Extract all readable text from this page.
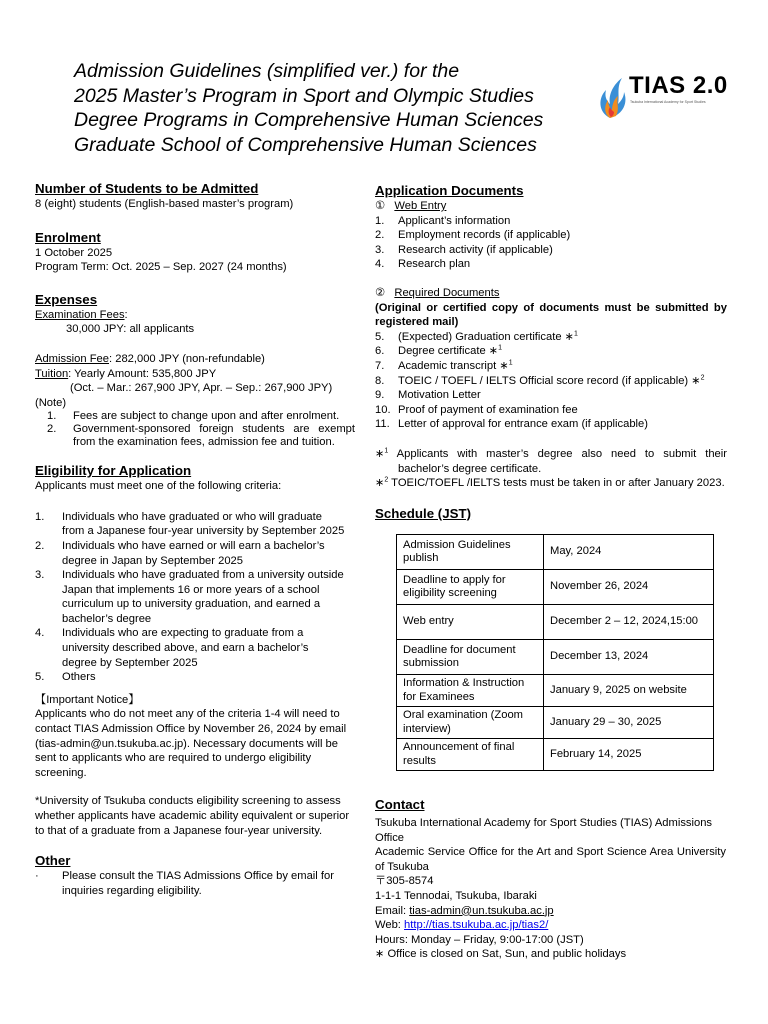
Admission Guidelines (simplified ver.) for the
2025 Master’s Program in Sport and Olympic Studies
Degree Programs in Comprehensive Human Sciences
Graduate School of Comprehensive Human Sciences
TIAS 2.0
Tsukuba International Academy for Sport Studies
Number of Students to be Admitted

8 (eight) students (English-based master’s program)

Enrolment

1 October 2025

Program Term: Oct. 2025 – Sep. 2027 (24 months)

Expenses

Examination Fees:

30,000 JPY: all applicants

Admission Fee: 282,000 JPY (non-refundable)

Tuition: Yearly Amount: 535,800 JPY

(Oct. – Mar.: 267,900 JPY, Apr. – Sep.: 267,900 JPY)

(Note)

1. Fees are subject to change upon and after enrolment.
2. Government-sponsored foreign students are exempt from the examination fees, admission fee and tuition.
Eligibility for Application

Applicants must meet one of the following criteria:

1. Individuals who have graduated or who will graduate from a Japanese four-year university by September 2025
2. Individuals who have earned or will earn a bachelor’s degree in Japan by September 2025
3. Individuals who have graduated from a university outside Japan that implements 16 or more years of a school curriculum up to university graduation, and earned a bachelor’s degree
4. Individuals who are expecting to graduate from a university described above, and earn a bachelor’s degree by September 2025
5. Others

【Important Notice】

Applicants who do not meet any of the criteria 1-4 will need to contact TIAS Admission Office by November 26, 2024 by email (tias-admin@un.tsukuba.ac.jp). Necessary documents will be sent to applicants who are required to undergo eligibility screening.

*University of Tsukuba conducts eligibility screening to assess whether applicants have academic ability equivalent or superior to that of a graduate from a Japanese four-year university.

Other
· Please consult the TIAS Admissions Office by email for inquiries regarding eligibility.
Application Documents

① Web Entry

1. Applicant’s information
2. Employment records (if applicable)
3. Research activity (if applicable)
4. Research plan

② Required Documents

(Original or certified copy of documents must be submitted by registered mail)

5. (Expected) Graduation certificate ∗$^1$
6. Degree certificate ∗$^1$
7. Academic transcript ∗$^1$
8. TOEIC / TOEFL / IELTS Official score record (if applicable) ∗$^2$
9. Motivation Letter
10. Proof of payment of examination fee
11. Letter of approval for entrance exam (if applicable)

∗$^1$ Applicants with master’s degree also need to submit their bachelor’s degree certificate.

∗$^2$ TOEIC/TOEFL /IELTS tests must be taken in or after January 2023.

Schedule (JST)
Admission Guidelines publish	May, 2024
Deadline to apply for eligibility screening	November 26, 2024
Web entry	December 2 – 12, 2024,15:00
Deadline for document submission	December 13, 2024
Information & Instruction for Examinees	January 9, 2025 on website
Oral examination (Zoom interview)	January 29 – 30, 2025
Announcement of final results	February 14, 2025
Contact

Tsukuba International Academy for Sport Studies (TIAS) Admissions Office

Academic Service Office for the Art and Sport Science Area University of Tsukuba

〒305-8574

1-1-1 Tennodai, Tsukuba, Ibaraki

Email: tias-admin@un.tsukuba.ac.jp

Web: http://tias.tsukuba.ac.jp/tias2/

Hours: Monday – Friday, 9:00-17:00 (JST)

∗ Office is closed on Sat, Sun, and public holidays
